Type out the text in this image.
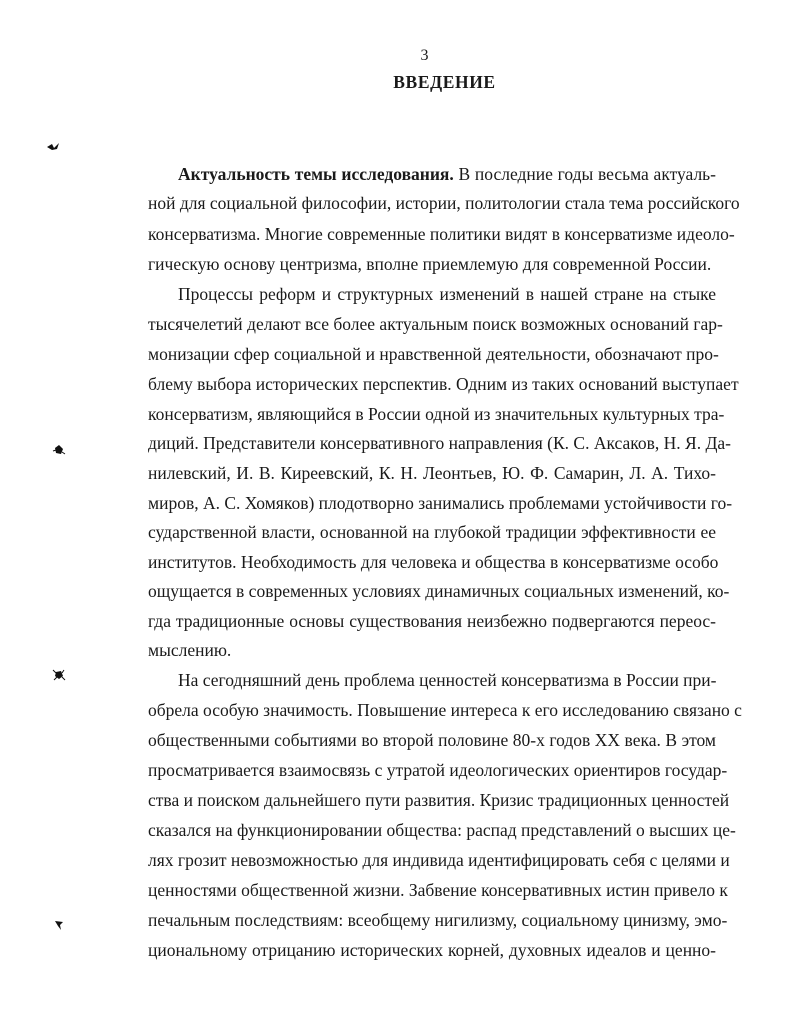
3
ВВЕДЕНИЕ
Актуальность темы исследования. В последние годы весьма актуаль-
ной для социальной философии, истории, политологии стала тема российского
консерватизма. Многие современные политики видят в консерватизме идеоло-
гическую основу центризма, вполне приемлемую для современной России.
Процессы реформ и структурных изменений в нашей стране на стыке
тысячелетий делают все более актуальным поиск возможных оснований гар-
монизации сфер социальной и нравственной деятельности, обозначают про-
блему выбора исторических перспектив. Одним из таких оснований выступает
консерватизм, являющийся в России одной из значительных культурных тра-
диций. Представители консервативного направления (К. С. Аксаков, Н. Я. Да-
нилевский, И. В. Киреевский, К. Н. Леонтьев, Ю. Ф. Самарин, Л. А. Тихо-
миров, А. С. Хомяков) плодотворно занимались проблемами устойчивости го-
сударственной власти, основанной на глубокой традиции эффективности ее
институтов. Необходимость для человека и общества в консерватизме особо
ощущается в современных условиях динамичных социальных изменений, ко-
гда традиционные основы существования неизбежно подвергаются переос-
мыслению.
На сегодняшний день проблема ценностей консерватизма в России при-
обрела особую значимость. Повышение интереса к его исследованию связано с
общественными событиями во второй половине 80-х годов XX века. В этом
просматривается взаимосвязь с утратой идеологических ориентиров государ-
ства и поиском дальнейшего пути развития. Кризис традиционных ценностей
сказался на функционировании общества: распад представлений о высших це-
лях грозит невозможностью для индивида идентифицировать себя с целями и
ценностями общественной жизни. Забвение консервативных истин привело к
печальным последствиям: всеобщему нигилизму, социальному цинизму, эмо-
циональному отрицанию исторических корней, духовных идеалов и ценно-
